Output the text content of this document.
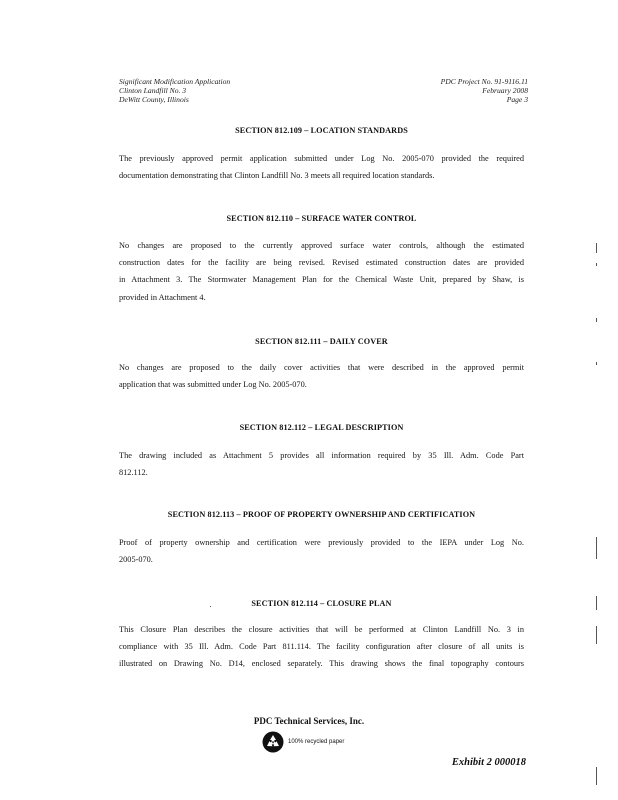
Significant Modification Application
Clinton Landfill No. 3
DeWitt County, Illinois
PDC Project No. 91-9116.11
February 2008
Page 3
SECTION 812.109 – LOCATION STANDARDS
The previously approved permit application submitted under Log No. 2005-070 provided the required
documentation demonstrating that Clinton Landfill No. 3 meets all required location standards.
SECTION 812.110 – SURFACE WATER CONTROL
No changes are proposed to the currently approved surface water controls, although the estimated
construction dates for the facility are being revised. Revised estimated construction dates are provided
in Attachment 3. The Stormwater Management Plan for the Chemical Waste Unit, prepared by Shaw, is
provided in Attachment 4.
SECTION 812.111 – DAILY COVER
No changes are proposed to the daily cover activities that were described in the approved permit
application that was submitted under Log No. 2005-070.
SECTION 812.112 – LEGAL DESCRIPTION
The drawing included as Attachment 5 provides all information required by 35 Ill. Adm. Code Part
812.112.
SECTION 812.113 – PROOF OF PROPERTY OWNERSHIP AND CERTIFICATION
Proof of property ownership and certification were previously provided to the IEPA under Log No.
2005-070.
SECTION 812.114 – CLOSURE PLAN
This Closure Plan describes the closure activities that will be performed at Clinton Landfill No. 3 in
compliance with 35 Ill. Adm. Code Part 811.114. The facility configuration after closure of all units is
illustrated on Drawing No. D14, enclosed separately. This drawing shows the final topography contours
PDC Technical Services, Inc.
100% recycled paper
Exhibit 2 000018
